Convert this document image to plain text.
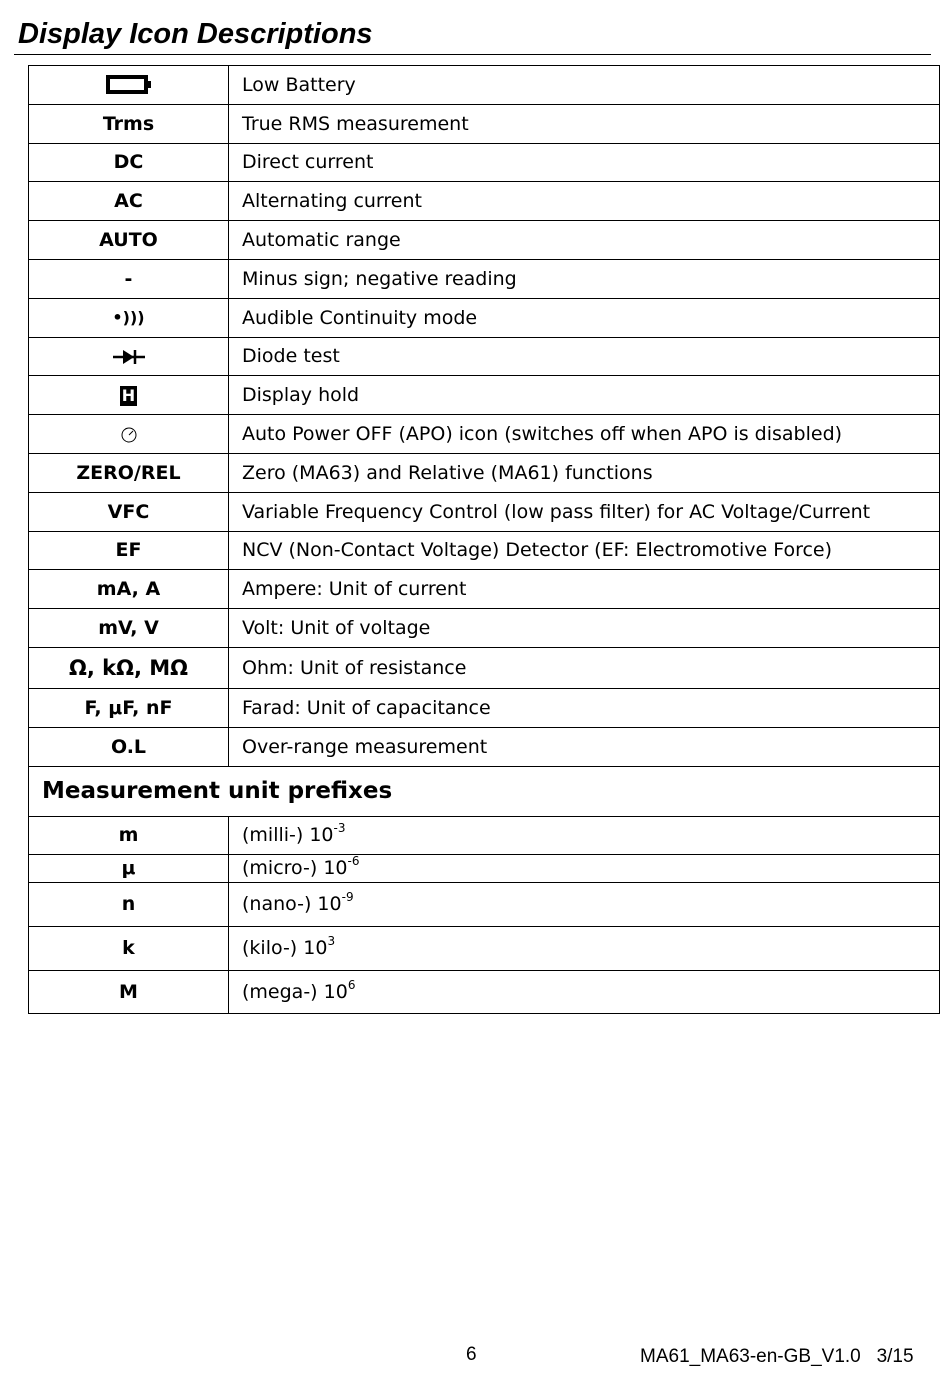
Display Icon Descriptions
	Low Battery
Trms	True RMS measurement
DC	Direct current
AC	Alternating current
AUTO	Automatic range
-	Minus sign; negative reading
•)))	Audible Continuity mode
	Diode test
H	Display hold
	Auto Power OFF (APO) icon (switches off when APO is disabled)
ZERO/REL	Zero (MA63) and Relative (MA61) functions
VFC	Variable Frequency Control (low pass filter) for AC Voltage/Current
EF	NCV (Non-Contact Voltage) Detector (EF: Electromotive Force)
mA, A	Ampere: Unit of current
mV, V	Volt: Unit of voltage
Ω, kΩ, MΩ	Ohm: Unit of resistance
F, μF, nF	Farad: Unit of capacitance
O.L	Over-range measurement
Measurement unit prefixes	
m	(milli-) $10^{-3}$
μ	(micro-) $10^{-6}$
n	(nano-) $10^{-9}$
k	(kilo-) $10^3$
M	(mega-) $10^6$
6	MA61_MA63-en-GB_V1.0   3/15
